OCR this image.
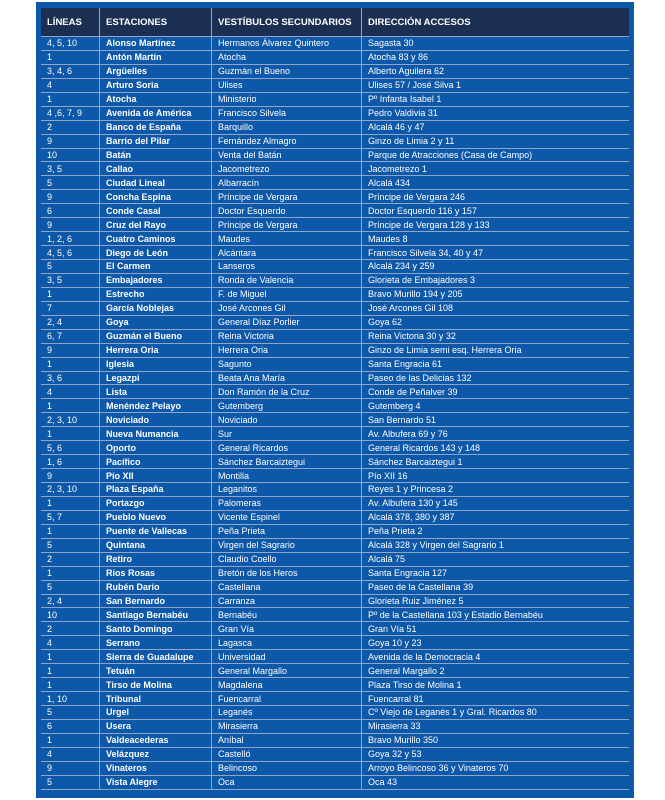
LÍNEAS	ESTACIONES	VESTÍBULOS SECUNDARIOS	DIRECCIÓN ACCESOS
4, 5, 10	Alonso Martínez	Hermanos Álvarez Quintero	Sagasta 30
1	Antón Martín	Atocha	Atocha 83 y 86
3, 4, 6	Argüelles	Guzmán el Bueno	Alberto Aguilera 62
4	Arturo Soria	Ulises	Ulises 57 / José Silva 1
1	Atocha	Ministerio	Pº Infanta Isabel 1
4 ,6, 7, 9	Avenida de América	Francisco Silvela	Pedro Valdivia 31
2	Banco de España	Barquillo	Alcalá 46 y 47
9	Barrio del Pilar	Fernández Almagro	Ginzo de Limia 2 y 11
10	Batán	Venta del Batán	Parque de Atracciones (Casa de Campo)
3, 5	Callao	Jacometrezo	Jacometrezo 1
5	Ciudad Lineal	Albarracín	Alcalá 434
9	Concha Espina	Príncipe de Vergara	Príncipe de Vergara 246
6	Conde Casal	Doctor Esquerdo	Doctor Esquerdo 116 y 157
9	Cruz del Rayo	Príncipe de Vergara	Príncipe de Vergara 128 y 133
1, 2, 6	Cuatro Caminos	Maudes	Maudes 8
4, 5, 6	Diego de León	Alcántara	Francisco Silvela 34, 40 y 47
5	El Carmen	Lanseros	Alcalá 234 y 259
3, 5	Embajadores	Ronda de Valencia	Glorieta de Embajadores 3
1	Estrecho	F. de Miguel	Bravo Murillo 194 y 205
7	García Noblejas	José Arcones Gil	José Arcones Gil 108
2, 4	Goya	General Díaz Porlier	Goya 62
6, 7	Guzmán el Bueno	Reina Victoria	Reina Victoria 30 y 32
9	Herrera Oria	Herrera Oria	Ginzo de Limia semi esq. Herrera Oria
1	Iglesia	Sagunto	Santa Engracia 61
3, 6	Legazpi	Beata Ana María	Paseo de las Delicias 132
4	Lista	Don Ramón de la Cruz	Conde de Peñalver 39
1	Menéndez Pelayo	Gutemberg	Gutemberg 4
2, 3, 10	Noviciado	Noviciado	San Bernardo 51
1	Nueva Numancia	Sur	Av. Albufera 69 y 76
5, 6	Oporto	General Ricardos	General Ricardos 143 y 148
1, 6	Pacífico	Sánchez Barcaiztegui	Sánchez Barcaiztegui 1
9	Pío XII	Montilla	Pío XII 16
2, 3, 10	Plaza España	Leganitos	Reyes 1 y Princesa 2
1	Portazgo	Palomeras	Av. Albufera 130 y 145
5, 7	Pueblo Nuevo	Vicente Espinel	Alcalá 378, 380 y 387
1	Puente de Vallecas	Peña Prieta	Peña Prieta 2
5	Quintana	Virgen del Sagrario	Alcalá 328 y Virgen del Sagrario 1
2	Retiro	Claudio Coello	Alcalá 75
1	Ríos Rosas	Bretón de los Heros	Santa Engracia 127
5	Rubén Darío	Castellana	Paseo de la Castellana 39
2, 4	San Bernardo	Carranza	Glorieta Ruiz Jiménez 5
10	Santiago Bernabéu	Bernabéu	Pº de la Castellana 103 y Estadio Bernabéu
2	Santo Domingo	Gran Vía	Gran Vía 51
4	Serrano	Lagasca	Goya 10 y 23
1	Sierra de Guadalupe	Universidad	Avenida de la Democracia 4
1	Tetuán	General Margallo	General Margallo 2
1	Tirso de Molina	Magdalena	Plaza Tirso de Molina 1
1, 10	Tribunal	Fuencarral	Fuencarral 81
5	Urgel	Leganés	Cº Viejo de Leganés 1 y Gral. Ricardos 80
6	Usera	Mirasierra	Mirasierra 33
1	Valdeacederas	Aníbal	Bravo Murillo 350
4	Velázquez	Castelló	Goya 32 y 53
9	Vinateros	Belincoso	Arroyo Belincoso 36 y Vinateros 70
5	Vista Alegre	Oca	Oca 43
